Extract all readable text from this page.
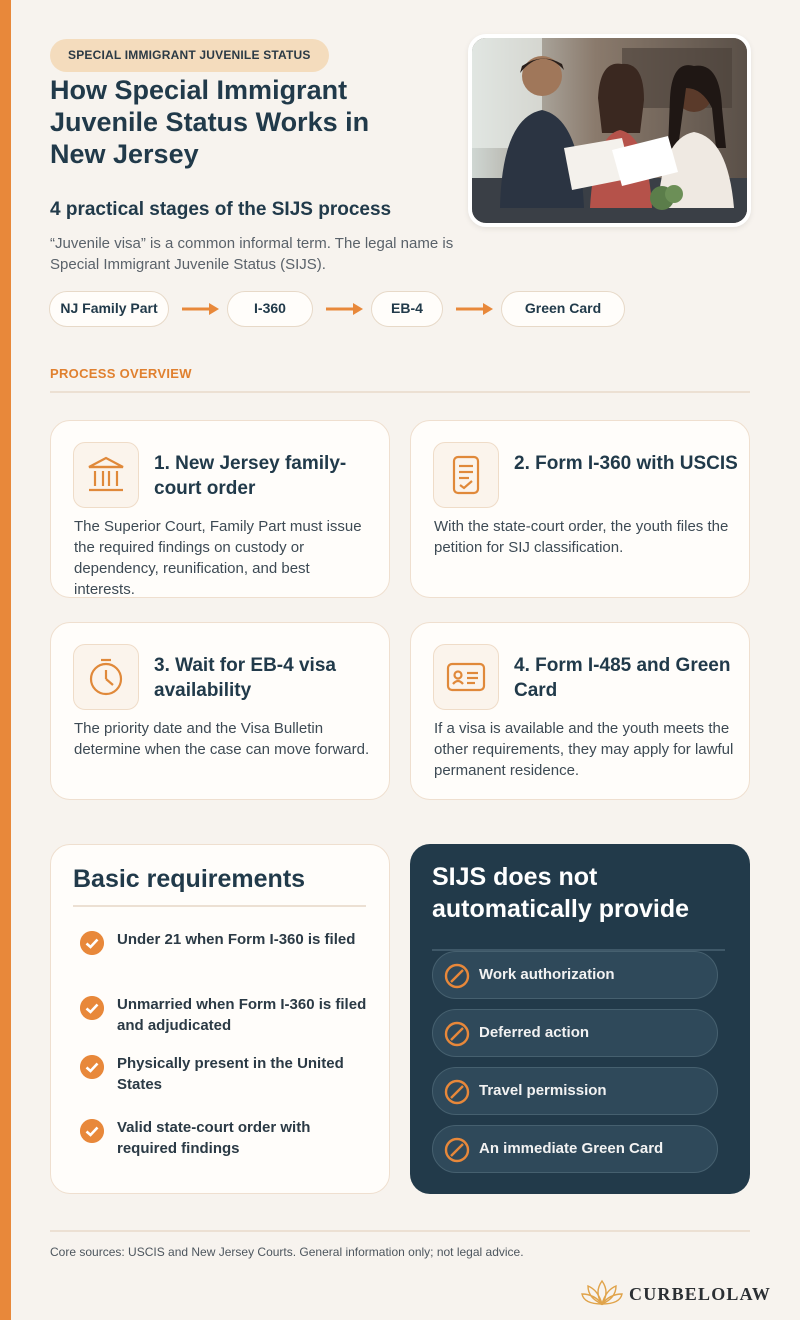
SPECIAL IMMIGRANT JUVENILE STATUS
How Special Immigrant Juvenile Status Works in New Jersey
4 practical stages of the SIJS process

“Juvenile visa” is a common informal term. The legal name is Special Immigrant Juvenile Status (SIJS).

NJ Family Part	I-360	EB-4	Green Card
PROCESS OVERVIEW
1. New Jersey family-court order
The Superior Court, Family Part must issue the required findings on custody or dependency, reunification, and best interests.
2. Form I-360 with USCIS
With the state-court order, the youth files the petition for SIJ classification.
3. Wait for EB-4 visa availability
The priority date and the Visa Bulletin determine when the case can move forward.
4. Form I-485 and Green Card
If a visa is available and the youth meets the other requirements, they may apply for lawful permanent residence.
Basic requirements
Under 21 when Form I-360 is filed
Unmarried when Form I-360 is filed and adjudicated
Physically present in the United States
Valid state-court order with required findings
SIJS does not automatically provide
Work authorization
Deferred action
Travel permission
An immediate Green Card
Core sources: USCIS and New Jersey Courts. General information only; not legal advice.
CURBELOLAW
